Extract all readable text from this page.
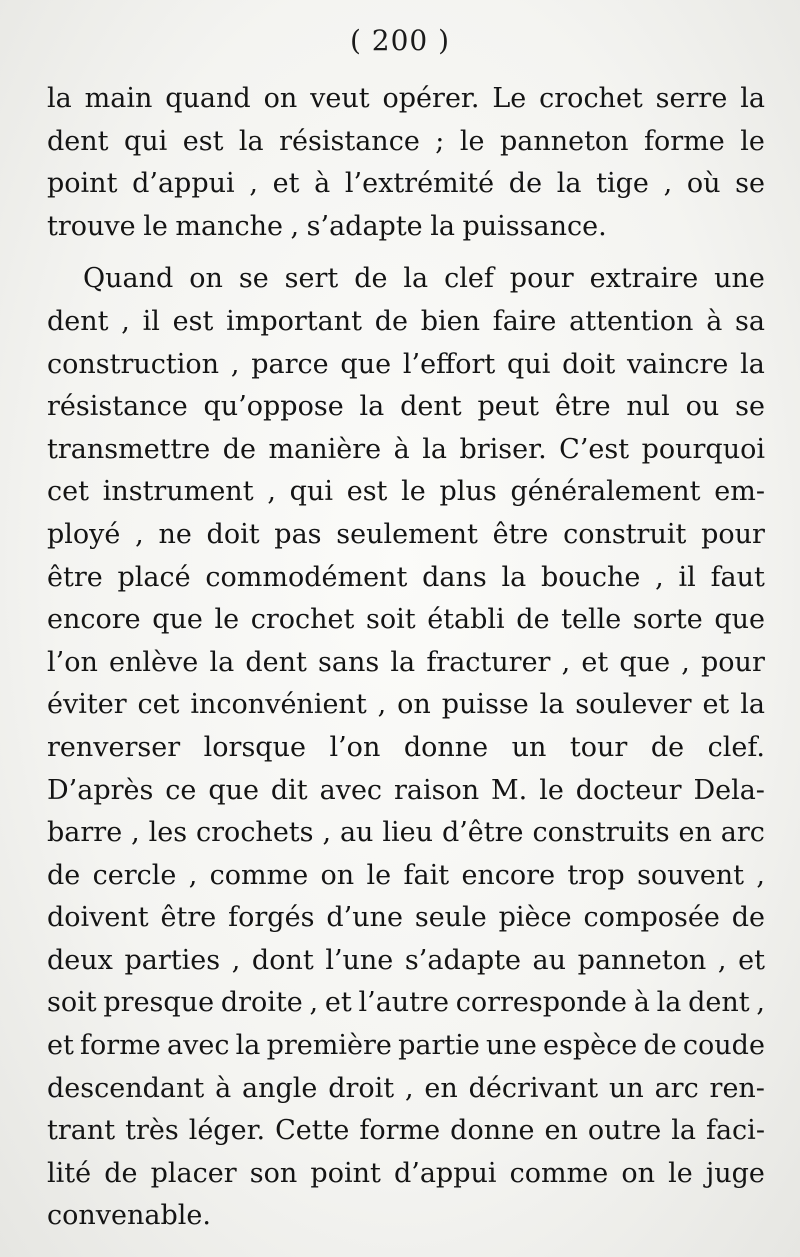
( 200 )
la main quand on veut opérer. Le crochet serre la
dent qui est la résistance ; le panneton forme le
point d’appui , et à l’extrémité de la tige , où se
trouve le manche , s’adapte la puissance.
Quand on se sert de la clef pour extraire une
dent , il est important de bien faire attention à sa
construction , parce que l’effort qui doit vaincre la
résistance qu’oppose la dent peut être nul ou se
transmettre de manière à la briser. C’est pourquoi
cet instrument , qui est le plus généralement em-
ployé , ne doit pas seulement être construit pour
être placé commodément dans la bouche , il faut
encore que le crochet soit établi de telle sorte que
l’on enlève la dent sans la fracturer , et que , pour
éviter cet inconvénient , on puisse la soulever et la
renverser lorsque l’on donne un tour de clef.
D’après ce que dit avec raison M. le docteur Dela-
barre , les crochets , au lieu d’être construits en arc
de cercle , comme on le fait encore trop souvent ,
doivent être forgés d’une seule pièce composée de
deux parties , dont l’une s’adapte au panneton , et
soit presque droite , et l’autre corresponde à la dent ,
et forme avec la première partie une espèce de coude
descendant à angle droit , en décrivant un arc ren-
trant très léger. Cette forme donne en outre la faci-
lité de placer son point d’appui comme on le juge
convenable.
